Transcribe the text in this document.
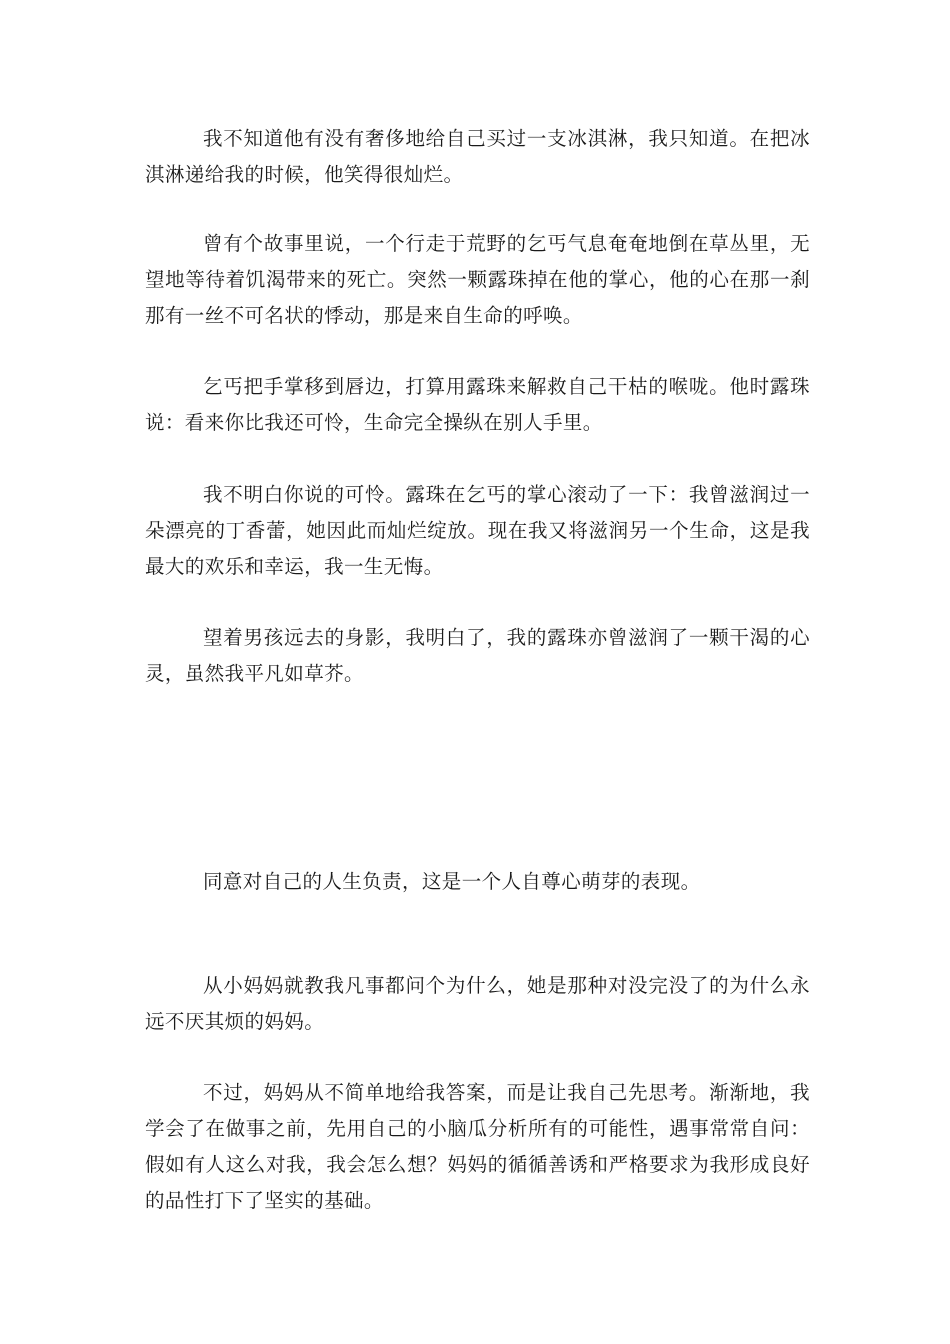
我不知道他有没有奢侈地给自己买过一支冰淇淋，我只知道。在把冰淇淋递给我的时候，他笑得很灿烂。

曾有个故事里说，一个行走于荒野的乞丐气息奄奄地倒在草丛里，无望地等待着饥渴带来的死亡。突然一颗露珠掉在他的掌心，他的心在那一刹那有一丝不可名状的悸动，那是来自生命的呼唤。

乞丐把手掌移到唇边，打算用露珠来解救自己干枯的喉咙。他时露珠说：看来你比我还可怜，生命完全操纵在别人手里。

我不明白你说的可怜。露珠在乞丐的掌心滚动了一下：我曾滋润过一朵漂亮的丁香蕾，她因此而灿烂绽放。现在我又将滋润另一个生命，这是我最大的欢乐和幸运，我一生无悔。

望着男孩远去的身影，我明白了，我的露珠亦曾滋润了一颗干渴的心灵，虽然我平凡如草芥。

同意对自己的人生负责，这是一个人自尊心萌芽的表现。

从小妈妈就教我凡事都问个为什么，她是那种对没完没了的为什么永远不厌其烦的妈妈。

不过，妈妈从不简单地给我答案，而是让我自己先思考。渐渐地，我学会了在做事之前，先用自己的小脑瓜分析所有的可能性，遇事常常自问：假如有人这么对我，我会怎么想？妈妈的循循善诱和严格要求为我形成良好的品性打下了坚实的基础。
